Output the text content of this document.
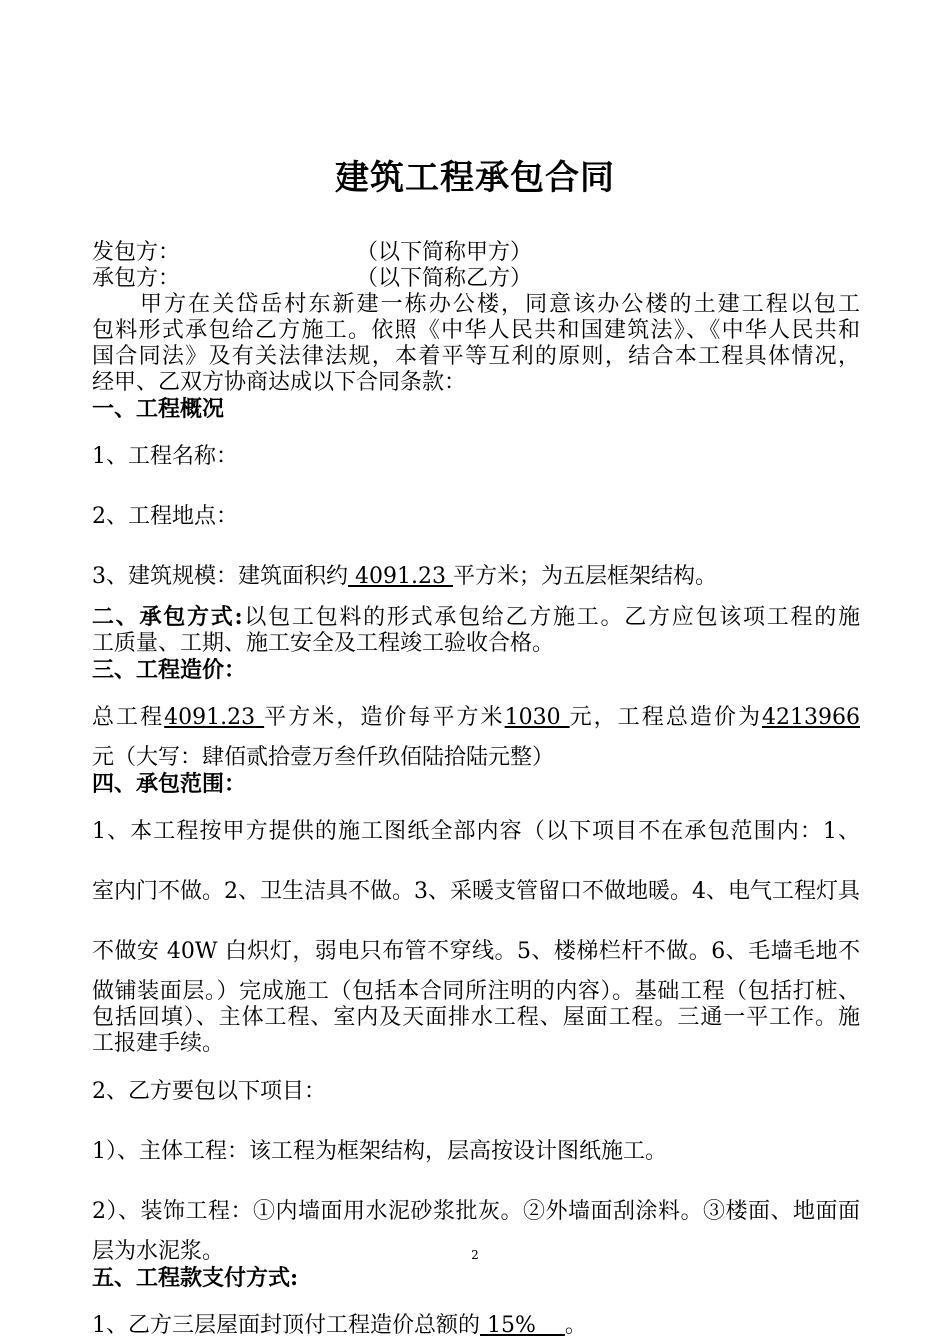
建筑工程承包合同
发包方：	（以下简称甲方）
承包方：	（以下简称乙方）
甲方在关岱岳村东新建一栋办公楼，同意该办公楼的土建工程以包工
包料形式承包给乙方施工。依照《中华人民共和国建筑法》、《中华人民共和
国合同法》及有关法律法规，本着平等互利的原则，结合本工程具体情况，
经甲、乙双方协商达成以下合同条款：
一、工程概况
1、工程名称：
2、工程地点：
3、建筑规模：建筑面积约 4091.23 平方米；为五层框架结构。
二、承包方式:以包工包料的形式承包给乙方施工。乙方应包该项工程的施
工质量、工期、施工安全及工程竣工验收合格。
三、工程造价：
总工程4091.23 平方米，造价每平方米1030 元，工程总造价为4213966
元（大写：肆佰贰拾壹万叁仟玖佰陆拾陆元整）
四、承包范围：
1、本工程按甲方提供的施工图纸全部内容（以下项目不在承包范围内：1、
室内门不做。2、卫生洁具不做。3、采暖支管留口不做地暖。4、电气工程灯具
不做安 40W 白炽灯，弱电只布管不穿线。5、楼梯栏杆不做。6、毛墙毛地不
做铺装面层。）完成施工（包括本合同所注明的内容）。基础工程（包括打桩、
包括回填）、主体工程、室内及天面排水工程、屋面工程。三通一平工作。施
工报建手续。
2、乙方要包以下项目：
1）、主体工程：该工程为框架结构，层高按设计图纸施工。
2）、装饰工程：①内墙面用水泥砂浆批灰。②外墙面刮涂料。③楼面、地面面
层为水泥浆。
五、工程款支付方式:
1、乙方三层屋面封顶付工程造价总额的 15%　 。
2
